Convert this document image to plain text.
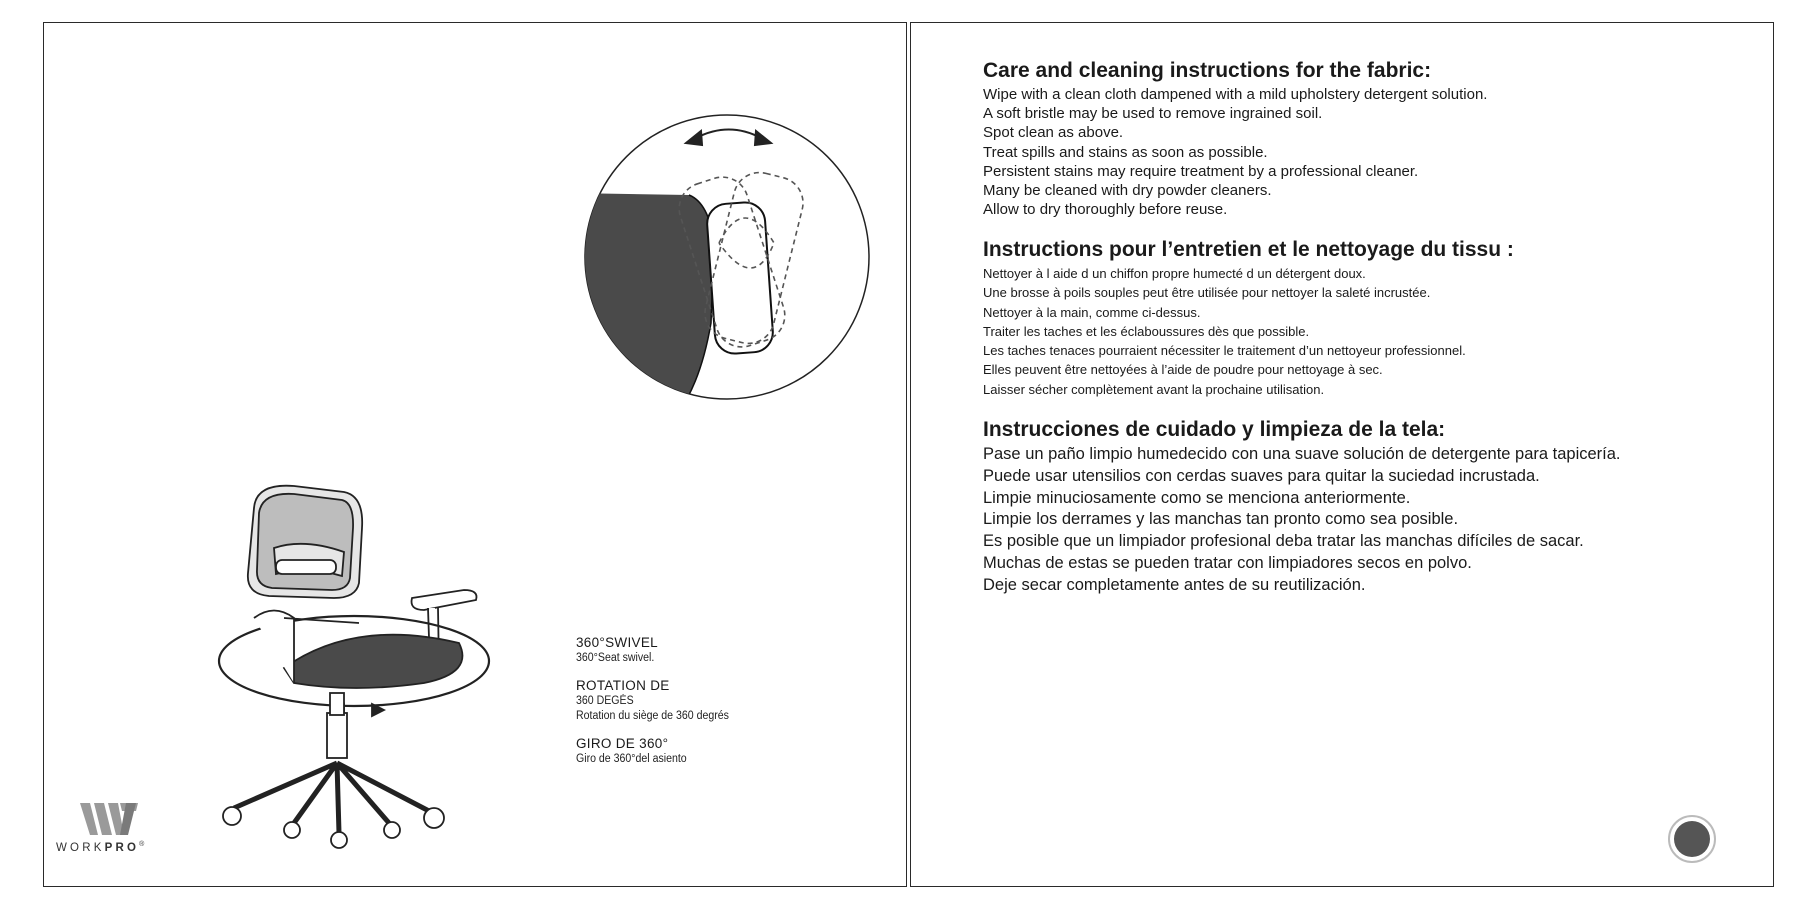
360°SWIVEL
360°Seat swivel.
ROTATION DE
360 DEGÉS
Rotation du siège de 360 degrés
GIRO DE 360°
Giro de 360°del asiento
WORKPRO®
Care and cleaning instructions for the fabric:
Wipe with a clean cloth dampened with a mild upholstery detergent solution.
A soft bristle may be used to remove ingrained soil.
Spot clean as above.
Treat spills and stains as soon as possible.
Persistent stains may require treatment by a professional cleaner.
Many be cleaned with dry powder cleaners.
Allow to dry thoroughly before reuse.
Instructions pour l’entretien et le nettoyage du tissu :
Nettoyer à l aide d un chiffon propre humecté d un détergent doux.
Une brosse à poils souples peut être utilisée pour nettoyer la saleté incrustée.
Nettoyer à la main, comme ci-dessus.
Traiter les taches et les éclaboussures dès que possible.
Les taches tenaces pourraient nécessiter le traitement d’un nettoyeur professionnel.
Elles peuvent être nettoyées à l’aide de poudre pour nettoyage à sec.
Laisser sécher complètement avant la prochaine utilisation.
Instrucciones de cuidado y limpieza de la tela:
Pase un paño limpio humedecido con una suave solución de detergente para tapicería.
Puede usar utensilios con cerdas suaves para quitar la suciedad incrustada.
Limpie minuciosamente como se menciona anteriormente.
Limpie los derrames y las manchas tan pronto como sea posible.
Es posible que un limpiador profesional deba tratar las manchas difíciles de sacar.
Muchas de estas se pueden tratar con limpiadores secos en polvo.
Deje secar completamente antes de su reutilización.
